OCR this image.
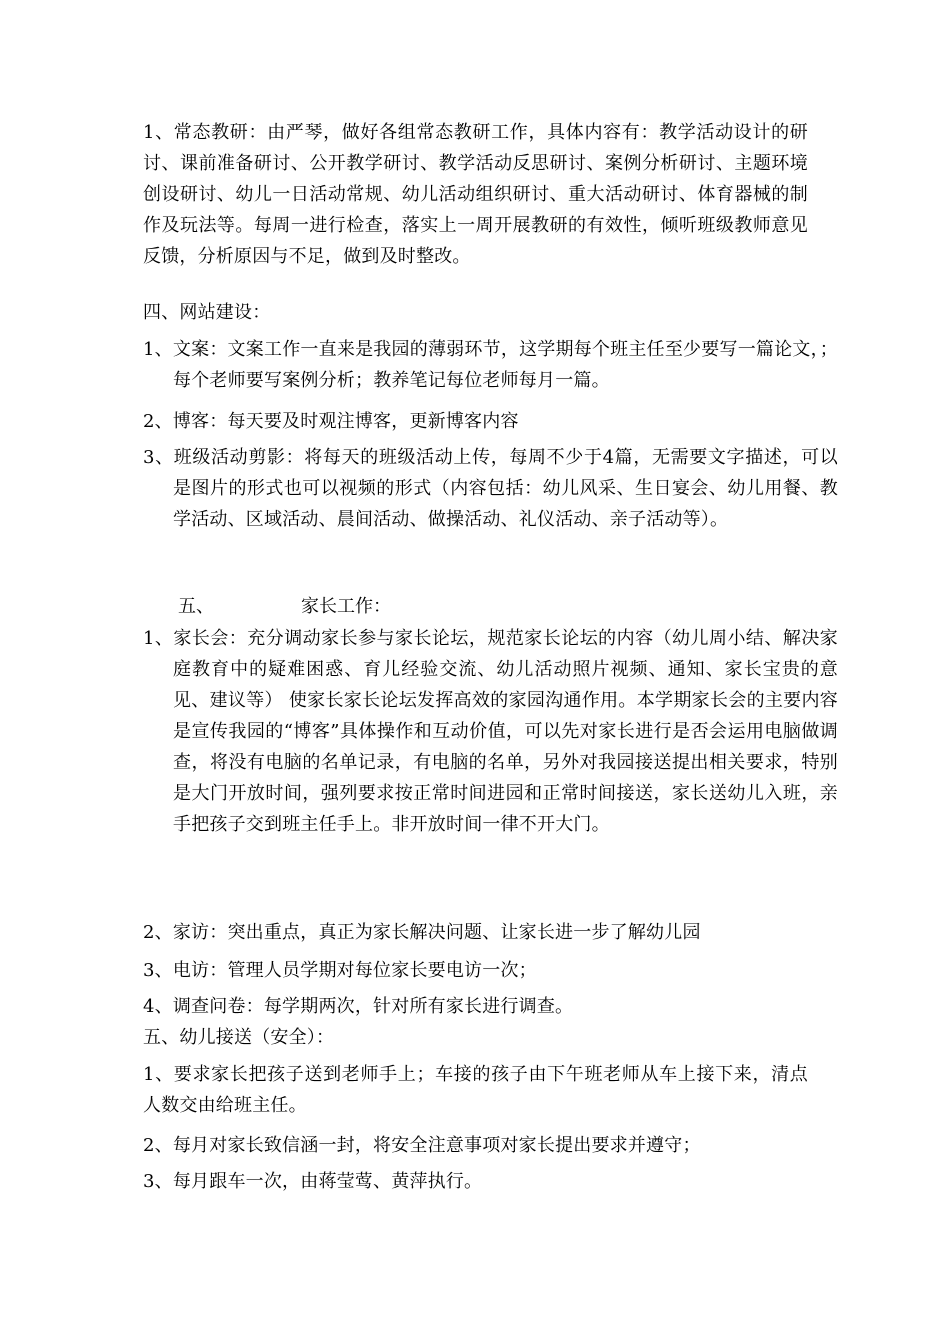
1、常态教研：由严琴，做好各组常态教研工作，具体内容有：教学活动设计的研讨、课前准备研讨、公开教学研讨、教学活动反思研讨、案例分析研讨、主题环境创设研讨、幼儿一日活动常规、幼儿活动组织研讨、重大活动研讨、体育器械的制作及玩法等。每周一进行检查，落实上一周开展教研的有效性，倾听班级教师意见反馈，分析原因与不足，做到及时整改。
四、网站建设：
1、文案：文案工作一直来是我园的薄弱环节，这学期每个班主任至少要写一篇论文，；每个老师要写案例分析；教养笔记每位老师每月一篇。
2、博客：每天要及时观注博客，更新博客内容
3、班级活动剪影：将每天的班级活动上传，每周不少于4篇，无需要文字描述，可以是图片的形式也可以视频的形式（内容包括：幼儿风采、生日宴会、幼儿用餐、教学活动、区域活动、晨间活动、做操活动、礼仪活动、亲子活动等）。
五、	家长工作：
1、家长会：充分调动家长参与家长论坛，规范家长论坛的内容（幼儿周小结、解决家庭教育中的疑难困惑、育儿经验交流、幼儿活动照片视频、通知、家长宝贵的意见、建议等） 使家长家长论坛发挥高效的家园沟通作用。本学期家长会的主要内容是宣传我园的“博客”具体操作和互动价值，可以先对家长进行是否会运用电脑做调查，将没有电脑的名单记录，有电脑的名单，另外对我园接送提出相关要求，特别是大门开放时间，强列要求按正常时间进园和正常时间接送，家长送幼儿入班，亲手把孩子交到班主任手上。非开放时间一律不开大门。
2、家访：突出重点，真正为家长解决问题、让家长进一步了解幼儿园
3、电访：管理人员学期对每位家长要电访一次；
4、调查问卷：每学期两次，针对所有家长进行调查。
五、幼儿接送（安全）：
1、要求家长把孩子送到老师手上；车接的孩子由下午班老师从车上接下来，清点人数交由给班主任。
2、每月对家长致信涵一封，将安全注意事项对家长提出要求并遵守；
3、每月跟车一次，由蒋莹莺、黄萍执行。
